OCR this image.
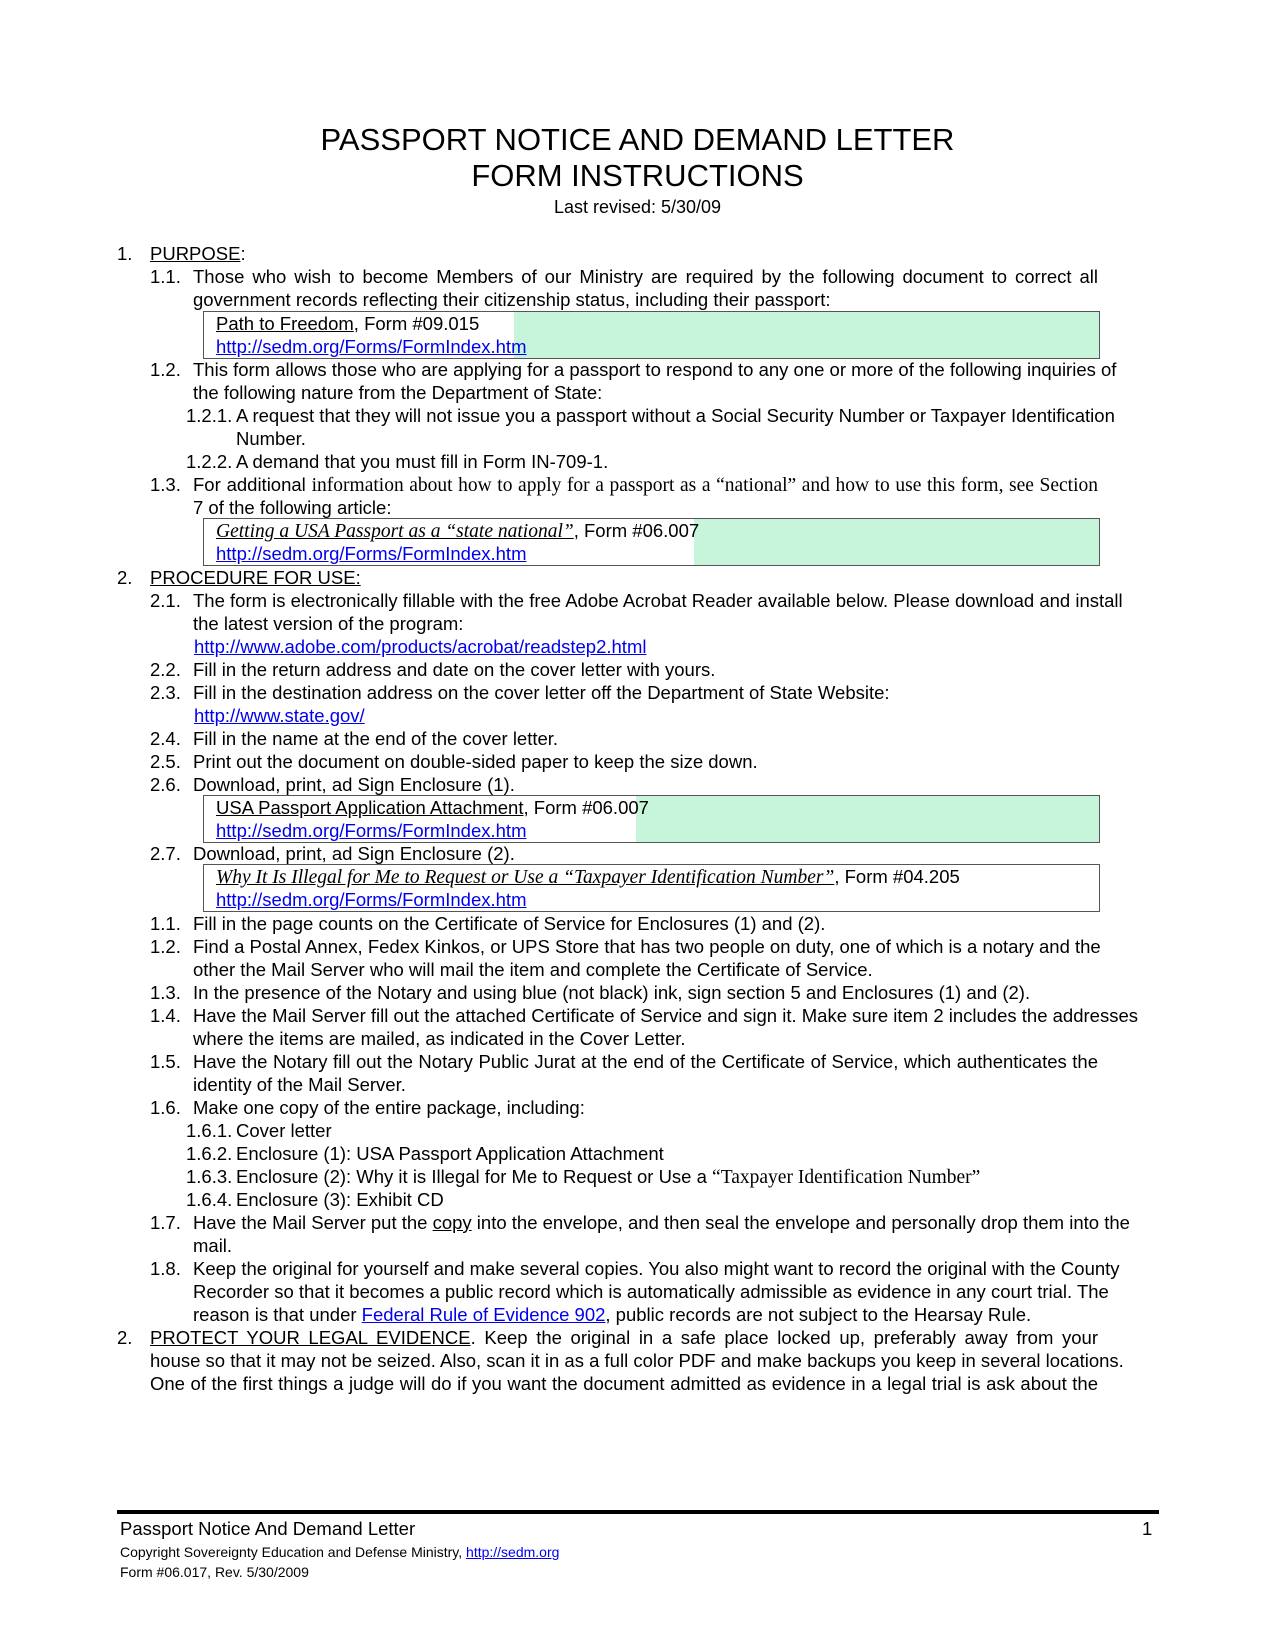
PASSPORT NOTICE AND DEMAND LETTER
FORM INSTRUCTIONS
Last revised: 5/30/09
1. PURPOSE:
1.1. Those who wish to become Members of our Ministry are required by the following document to correct all
government records reflecting their citizenship status, including their passport:
Path to Freedom, Form #09.015
http://sedm.org/Forms/FormIndex.htm
1.2. This form allows those who are applying for a passport to respond to any one or more of the following inquiries of
the following nature from the Department of State:
1.2.1. A request that they will not issue you a passport without a Social Security Number or Taxpayer Identification
Number.
1.2.2. A demand that you must fill in Form IN-709-1.
1.3. For additional information about how to apply for a passport as a “national” and how to use this form, see Section
7 of the following article:
Getting a USA Passport as a “state national”, Form #06.007
http://sedm.org/Forms/FormIndex.htm
2. PROCEDURE FOR USE:
2.1. The form is electronically fillable with the free Adobe Acrobat Reader available below. Please download and install
the latest version of the program:
http://www.adobe.com/products/acrobat/readstep2.html
2.2. Fill in the return address and date on the cover letter with yours.
2.3. Fill in the destination address on the cover letter off the Department of State Website:
http://www.state.gov/
2.4. Fill in the name at the end of the cover letter.
2.5. Print out the document on double-sided paper to keep the size down.
2.6. Download, print, ad Sign Enclosure (1).
USA Passport Application Attachment, Form #06.007
http://sedm.org/Forms/FormIndex.htm
2.7. Download, print, ad Sign Enclosure (2).
Why It Is Illegal for Me to Request or Use a “Taxpayer Identification Number”, Form #04.205
http://sedm.org/Forms/FormIndex.htm
1.1. Fill in the page counts on the Certificate of Service for Enclosures (1) and (2).
1.2. Find a Postal Annex, Fedex Kinkos, or UPS Store that has two people on duty, one of which is a notary and the
other the Mail Server who will mail the item and complete the Certificate of Service.
1.3. In the presence of the Notary and using blue (not black) ink, sign section 5 and Enclosures (1) and (2).
1.4. Have the Mail Server fill out the attached Certificate of Service and sign it. Make sure item 2 includes the addresses
where the items are mailed, as indicated in the Cover Letter.
1.5. Have the Notary fill out the Notary Public Jurat at the end of the Certificate of Service, which authenticates the
identity of the Mail Server.
1.6. Make one copy of the entire package, including:
1.6.1. Cover letter
1.6.2. Enclosure (1): USA Passport Application Attachment
1.6.3. Enclosure (2): Why it is Illegal for Me to Request or Use a “Taxpayer Identification Number”
1.6.4. Enclosure (3): Exhibit CD
1.7. Have the Mail Server put the copy into the envelope, and then seal the envelope and personally drop them into the
mail.
1.8. Keep the original for yourself and make several copies. You also might want to record the original with the County
Recorder so that it becomes a public record which is automatically admissible as evidence in any court trial. The
reason is that under Federal Rule of Evidence 902, public records are not subject to the Hearsay Rule.
2. PROTECT YOUR LEGAL EVIDENCE. Keep the original in a safe place locked up, preferably away from your
house so that it may not be seized. Also, scan it in as a full color PDF and make backups you keep in several locations.
One of the first things a judge will do if you want the document admitted as evidence in a legal trial is ask about the
Passport Notice And Demand Letter	1
Copyright Sovereignty Education and Defense Ministry, http://sedm.org
Form #06.017, Rev. 5/30/2009
